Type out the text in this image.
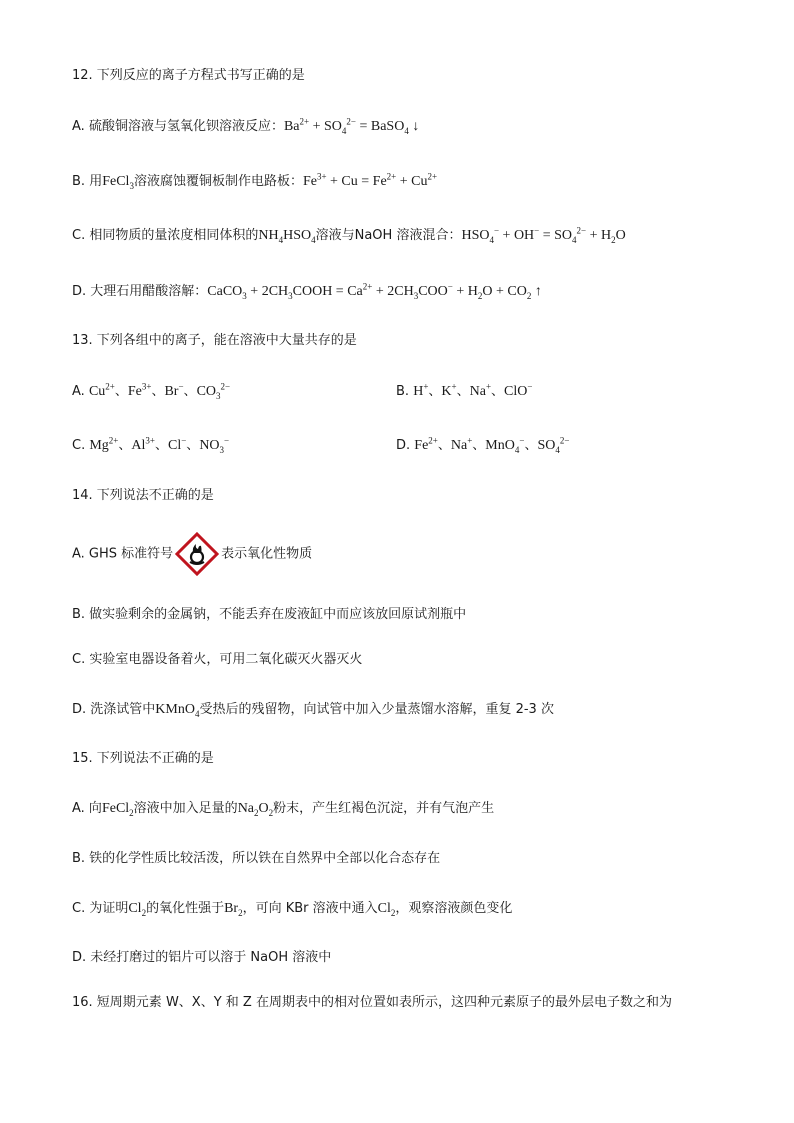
12. 下列反应的离子方程式书写正确的是
A. 硫酸铜溶液与氢氧化钡溶液反应：$Ba^{2+} + SO_4^{2-}$ = BaSO$_4$ ↓
B. 用FeCl$_3$溶液腐蚀覆铜板制作电路板：$Fe^{3+} + Cu = Fe^{2+} + Cu^{2+}$
C. 相同物质的量浓度相同体积的$NH_4HSO_4$溶液与NaOH 溶液混合：$HSO_4^- + OH^- = SO_4^{2-} + H_2O$
D. 大理石用醋酸溶解：CaCO$_3$ + $2CH_3COOH = Ca^{2+} + 2CH_3COO^- + H_2O + CO_2$ ↑
13. 下列各组中的离子，能在溶液中大量共存的是
A. $Cu^{2+}$、$Fe^{3+}$、Br−、$CO_3^{2-}$	B. H+、K+、Na+、ClO−
C. $Mg^{2+}$、$Al^{3+}$、Cl−、$NO_3^-$	D. $Fe^{2+}$、Na+、MnO$_4$−、$SO_4^{2-}$
14. 下列说法不正确的是
A. GHS 标准符号	表示氧化性物质
B. 做实验剩余的金属钠，不能丢弃在废液缸中而应该放回原试剂瓶中
C. 实验室电器设备着火，可用二氧化碳灭火器灭火
D. 洗涤试管中KMnO$_4$受热后的残留物，向试管中加入少量蒸馏水溶解，重复 2-3 次
15. 下列说法不正确的是
A. 向FeCl$_2$溶液中加入足量的$Na_2O_2$粉末，产生红褐色沉淀，并有气泡产生
B. 铁的化学性质比较活泼，所以铁在自然界中全部以化合态存在
C. 为证明$Cl_2$的氧化性强于$Br_2$，可向 KBr 溶液中通入$Cl_2$，观察溶液颜色变化
D. 未经打磨过的铝片可以溶于 NaOH 溶液中
16. 短周期元素 W、X、Y 和 Z 在周期表中的相对位置如表所示，这四种元素原子的最外层电子数之和为
